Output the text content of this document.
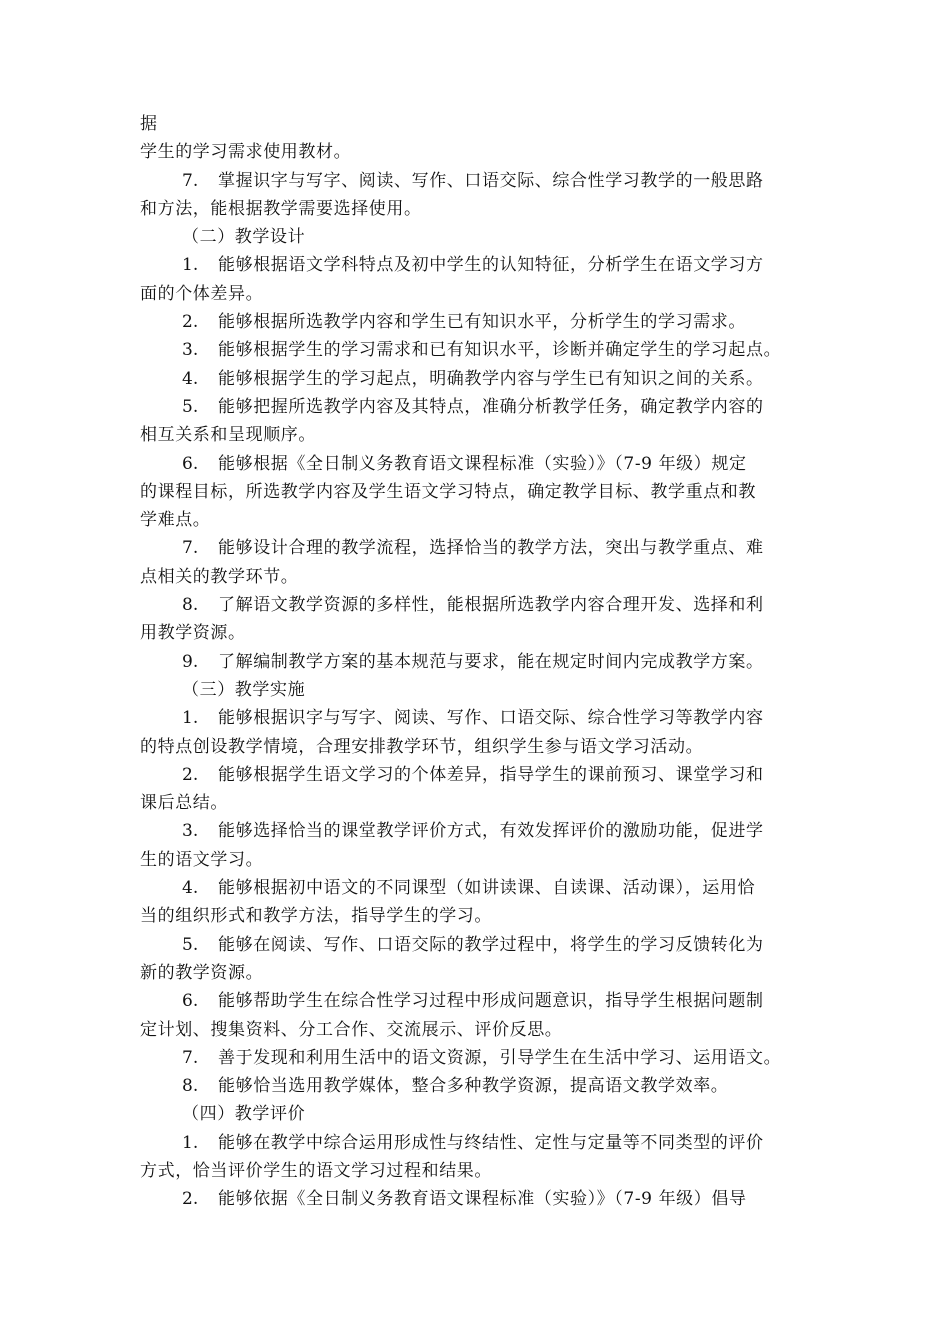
据
学生的学习需求使用教材。
7. 掌握识字与写字、阅读、写作、口语交际、综合性学习教学的一般思路
和方法，能根据教学需要选择使用。
（二）教学设计
1. 能够根据语文学科特点及初中学生的认知特征，分析学生在语文学习方
面的个体差异。
2. 能够根据所选教学内容和学生已有知识水平，分析学生的学习需求。
3. 能够根据学生的学习需求和已有知识水平，诊断并确定学生的学习起点。
4. 能够根据学生的学习起点，明确教学内容与学生已有知识之间的关系。
5. 能够把握所选教学内容及其特点，准确分析教学任务，确定教学内容的
相互关系和呈现顺序。
6. 能够根据《全日制义务教育语文课程标准（实验）》（7-9 年级）规定
的课程目标，所选教学内容及学生语文学习特点，确定教学目标、教学重点和教
学难点。
7. 能够设计合理的教学流程，选择恰当的教学方法，突出与教学重点、难
点相关的教学环节。
8. 了解语文教学资源的多样性，能根据所选教学内容合理开发、选择和利
用教学资源。
9. 了解编制教学方案的基本规范与要求，能在规定时间内完成教学方案。
（三）教学实施
1. 能够根据识字与写字、阅读、写作、口语交际、综合性学习等教学内容
的特点创设教学情境，合理安排教学环节，组织学生参与语文学习活动。
2. 能够根据学生语文学习的个体差异，指导学生的课前预习、课堂学习和
课后总结。
3. 能够选择恰当的课堂教学评价方式，有效发挥评价的激励功能，促进学
生的语文学习。
4. 能够根据初中语文的不同课型（如讲读课、自读课、活动课），运用恰
当的组织形式和教学方法，指导学生的学习。
5. 能够在阅读、写作、口语交际的教学过程中，将学生的学习反馈转化为
新的教学资源。
6. 能够帮助学生在综合性学习过程中形成问题意识，指导学生根据问题制
定计划、搜集资料、分工合作、交流展示、评价反思。
7. 善于发现和利用生活中的语文资源，引导学生在生活中学习、运用语文。
8. 能够恰当选用教学媒体，整合多种教学资源，提高语文教学效率。
（四）教学评价
1. 能够在教学中综合运用形成性与终结性、定性与定量等不同类型的评价
方式，恰当评价学生的语文学习过程和结果。
2. 能够依据《全日制义务教育语文课程标准（实验）》（7-9 年级）倡导
